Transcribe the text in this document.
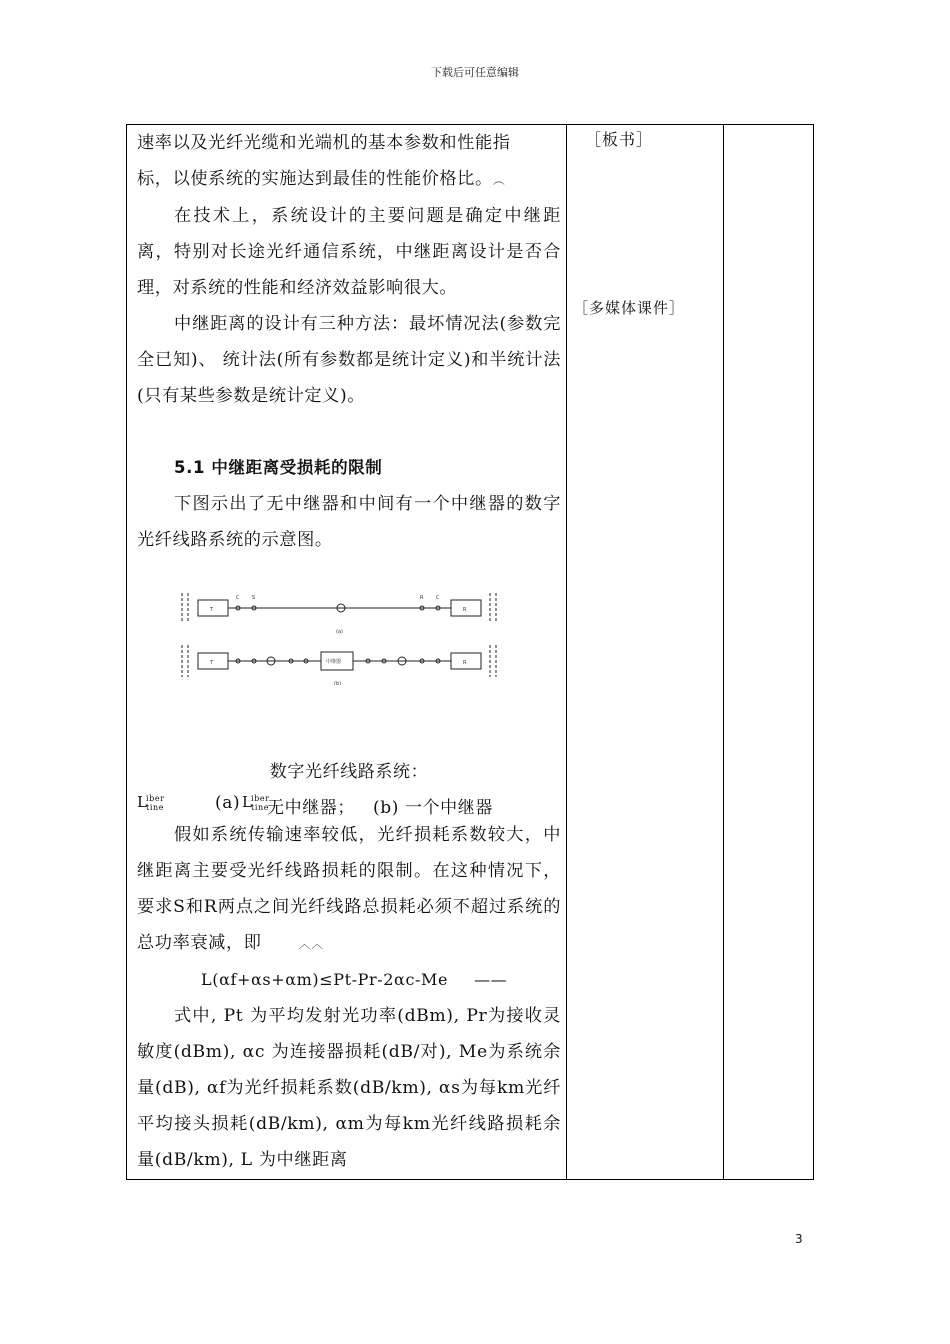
下载后可任意编辑

速率以及光纤光缆和光端机的基本参数和性能指

标，以使系统的实施达到最佳的性能价格比。︵

在技术上，系统设计的主要问题是确定中继距离，特别对长途光纤通信系统，中继距离设计是否合理，对系统的性能和经济效益影响很大。

中继距离的设计有三种方法：最坏情况法(参数完全已知)、 统计法(所有参数都是统计定义)和半统计法(只有某些参数是统计定义)。

5.1 中继距离受损耗的限制

下图示出了无中继器和中间有一个中继器的数字光纤线路系统的示意图。

T
C	S	R	C
R
(a)
T	中继器	R
(b)
数字光纤线路系统：
L
iber
tine	(a) L
iber
tine
无中继器； (b) 一个中继器

假如系统传输速率较低，光纤损耗系数较大，中继距离主要受光纤线路损耗的限制。在这种情况下，要求S和R两点之间光纤线路总损耗必须不超过系统的总功率衰减，即	︿︿

L(αf+αs+αm)≤Pt-Pr-2αc-Me ——

式中, Pt 为平均发射光功率(dBm), Pr为接收灵敏度(dBm), αc 为连接器损耗(dB/对), Me为系统余量(dB), αf为光纤损耗系数(dB/km), αs为每km光纤平均接头损耗(dB/km), αm为每km光纤线路损耗余量(dB/km), L 为中继距离

［板书］
［多媒体课件］
3
